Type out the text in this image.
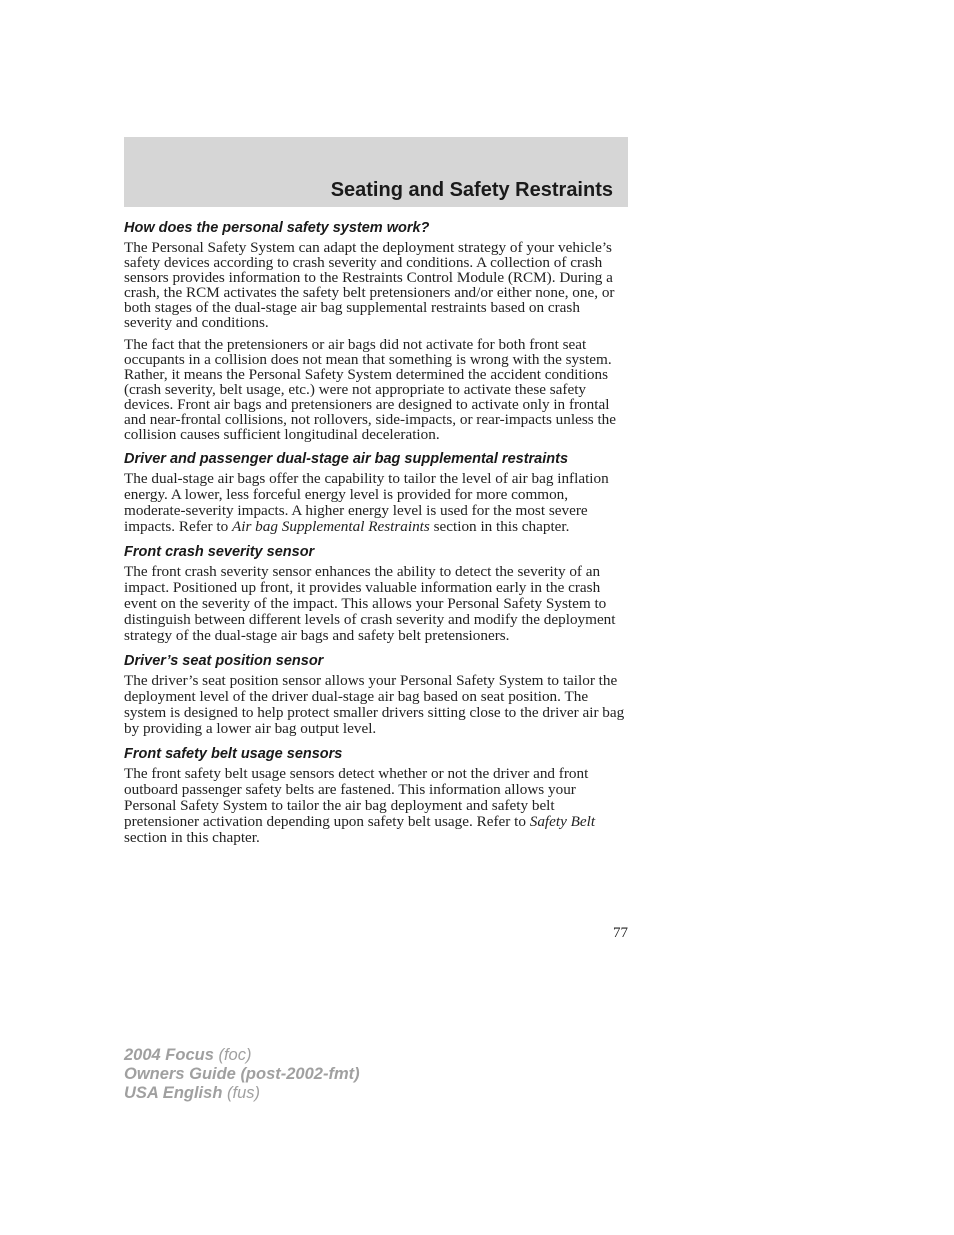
Seating and Safety Restraints
How does the personal safety system work?

The Personal Safety System can adapt the deployment strategy of your vehicle’s safety devices according to crash severity and conditions. A collection of crash sensors provides information to the Restraints Control Module (RCM). During a crash, the RCM activates the safety belt pretensioners and/or either none, one, or both stages of the dual-stage air bag supplemental restraints based on crash severity and conditions.

The fact that the pretensioners or air bags did not activate for both front seat occupants in a collision does not mean that something is wrong with the system. Rather, it means the Personal Safety System determined the accident conditions (crash severity, belt usage, etc.) were not appropriate to activate these safety devices. Front air bags and pretensioners are designed to activate only in frontal and near-frontal collisions, not rollovers, side-impacts, or rear-impacts unless the collision causes sufficient longitudinal deceleration.

Driver and passenger dual-stage air bag supplemental restraints

The dual-stage air bags offer the capability to tailor the level of air bag inflation energy. A lower, less forceful energy level is provided for more common, moderate-severity impacts. A higher energy level is used for the most severe impacts. Refer to Air bag Supplemental Restraints section in this chapter.

Front crash severity sensor

The front crash severity sensor enhances the ability to detect the severity of an impact. Positioned up front, it provides valuable information early in the crash event on the severity of the impact. This allows your Personal Safety System to distinguish between different levels of crash severity and modify the deployment strategy of the dual-stage air bags and safety belt pretensioners.

Driver’s seat position sensor

The driver’s seat position sensor allows your Personal Safety System to tailor the deployment level of the driver dual-stage air bag based on seat position. The system is designed to help protect smaller drivers sitting close to the driver air bag by providing a lower air bag output level.

Front safety belt usage sensors

The front safety belt usage sensors detect whether or not the driver and front outboard passenger safety belts are fastened. This information allows your Personal Safety System to tailor the air bag deployment and safety belt pretensioner activation depending upon safety belt usage. Refer to Safety Belt section in this chapter.

77
2004 Focus (foc)
Owners Guide (post-2002-fmt)
USA English (fus)
